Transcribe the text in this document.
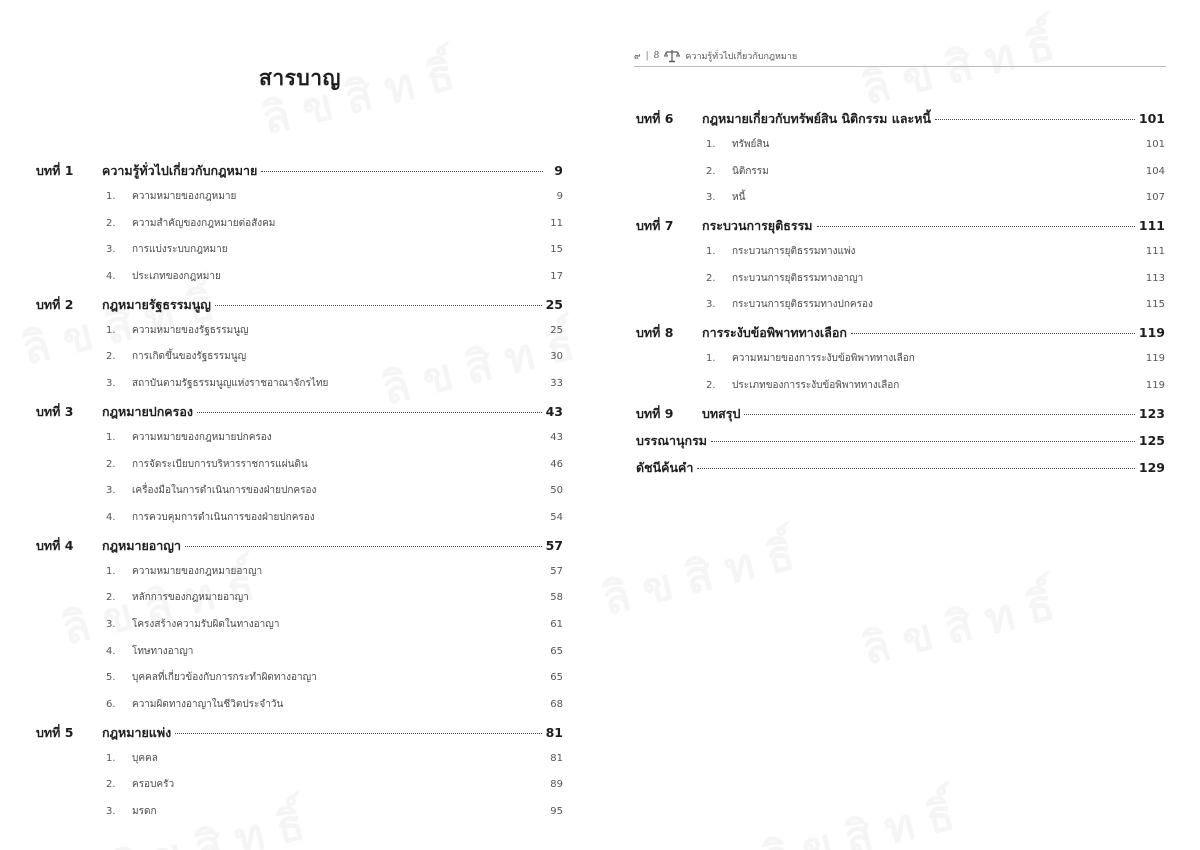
สารบาญ
บทที่ 1	ความรู้ทั่วไปเกี่ยวกับกฎหมาย	9
1.	ความหมายของกฎหมาย	9
2.	ความสำคัญของกฎหมายต่อสังคม	11
3.	การแบ่งระบบกฎหมาย	15
4.	ประเภทของกฎหมาย	17
บทที่ 2	กฎหมายรัฐธรรมนูญ	25
1.	ความหมายของรัฐธรรมนูญ	25
2.	การเกิดขึ้นของรัฐธรรมนูญ	30
3.	สถาบันตามรัฐธรรมนูญแห่งราชอาณาจักรไทย	33
บทที่ 3	กฎหมายปกครอง	43
1.	ความหมายของกฎหมายปกครอง	43
2.	การจัดระเบียบการบริหารราชการแผ่นดิน	46
3.	เครื่องมือในการดำเนินการของฝ่ายปกครอง	50
4.	การควบคุมการดำเนินการของฝ่ายปกครอง	54
บทที่ 4	กฎหมายอาญา	57
1.	ความหมายของกฎหมายอาญา	57
2.	หลักการของกฎหมายอาญา	58
3.	โครงสร้างความรับผิดในทางอาญา	61
4.	โทษทางอาญา	65
5.	บุคคลที่เกี่ยวข้องกับการกระทำผิดทางอาญา	65
6.	ความผิดทางอาญาในชีวิตประจำวัน	68
บทที่ 5	กฎหมายแพ่ง	81
1.	บุคคล	81
2.	ครอบครัว	89
3.	มรดก	95
๙ | 8	ความรู้ทั่วไปเกี่ยวกับกฎหมาย
บทที่ 6	กฎหมายเกี่ยวกับทรัพย์สิน นิติกรรม และหนี้	101
1.	ทรัพย์สิน	101
2.	นิติกรรม	104
3.	หนี้	107
บทที่ 7	กระบวนการยุติธรรม	111
1.	กระบวนการยุติธรรมทางแพ่ง	111
2.	กระบวนการยุติธรรมทางอาญา	113
3.	กระบวนการยุติธรรมทางปกครอง	115
บทที่ 8	การระงับข้อพิพาททางเลือก	119
1.	ความหมายของการระงับข้อพิพาททางเลือก	119
2.	ประเภทของการระงับข้อพิพาททางเลือก	119
บทที่ 9	บทสรุป	123
บรรณานุกรม	125
ดัชนีค้นคำ	129
